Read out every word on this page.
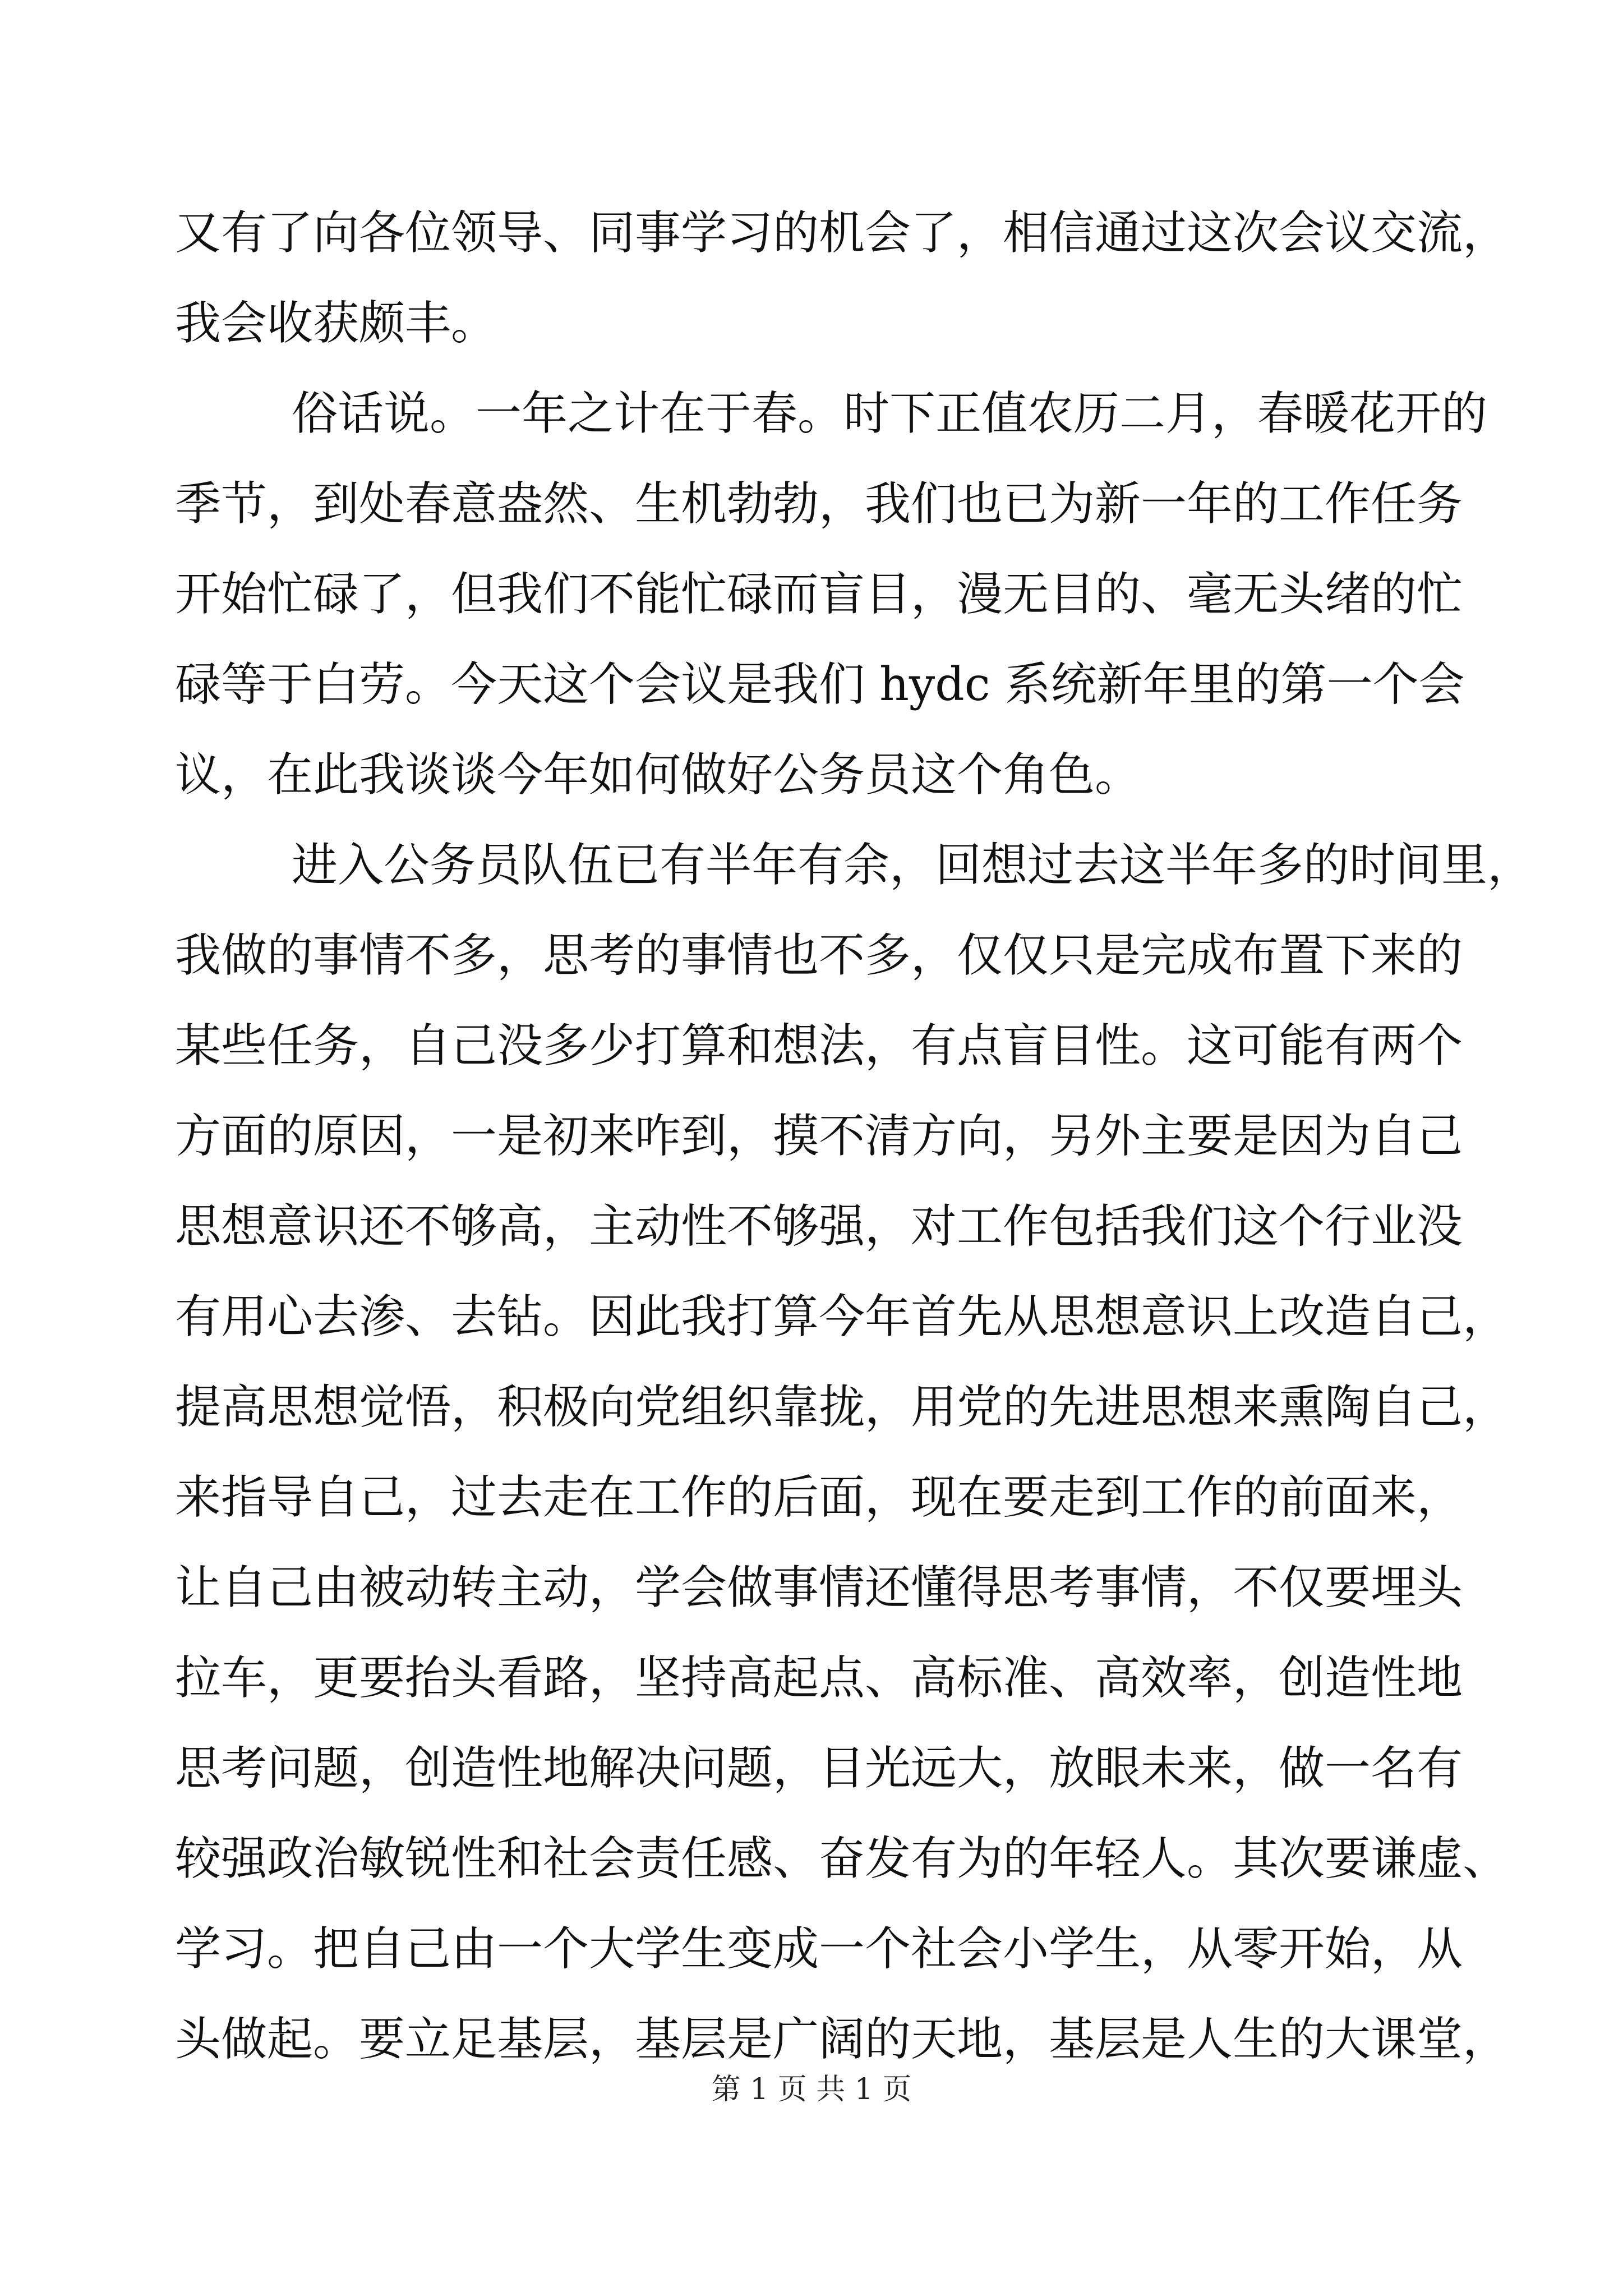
又有了向各位领导、同事学习的机会了，相信通过这次会议交流，
我会收获颇丰。
俗话说。一年之计在于春。时下正值农历二月，春暖花开的
季节，到处春意盎然、生机勃勃，我们也已为新一年的工作任务
开始忙碌了，但我们不能忙碌而盲目，漫无目的、毫无头绪的忙
碌等于白劳。今天这个会议是我们 hydc 系统新年里的第一个会
议，在此我谈谈今年如何做好公务员这个角色。
进入公务员队伍已有半年有余，回想过去这半年多的时间里，
我做的事情不多，思考的事情也不多，仅仅只是完成布置下来的
某些任务，自己没多少打算和想法，有点盲目性。这可能有两个
方面的原因，一是初来咋到，摸不清方向，另外主要是因为自己
思想意识还不够高，主动性不够强，对工作包括我们这个行业没
有用心去渗、去钻。因此我打算今年首先从思想意识上改造自己，
提高思想觉悟，积极向党组织靠拢，用党的先进思想来熏陶自己，
来指导自己，过去走在工作的后面，现在要走到工作的前面来，
让自己由被动转主动，学会做事情还懂得思考事情，不仅要埋头
拉车，更要抬头看路，坚持高起点、高标准、高效率，创造性地
思考问题，创造性地解决问题，目光远大，放眼未来，做一名有
较强政治敏锐性和社会责任感、奋发有为的年轻人。其次要谦虚、
学习。把自己由一个大学生变成一个社会小学生，从零开始，从
头做起。要立足基层，基层是广阔的天地，基层是人生的大课堂，
第 1 页 共 1 页
